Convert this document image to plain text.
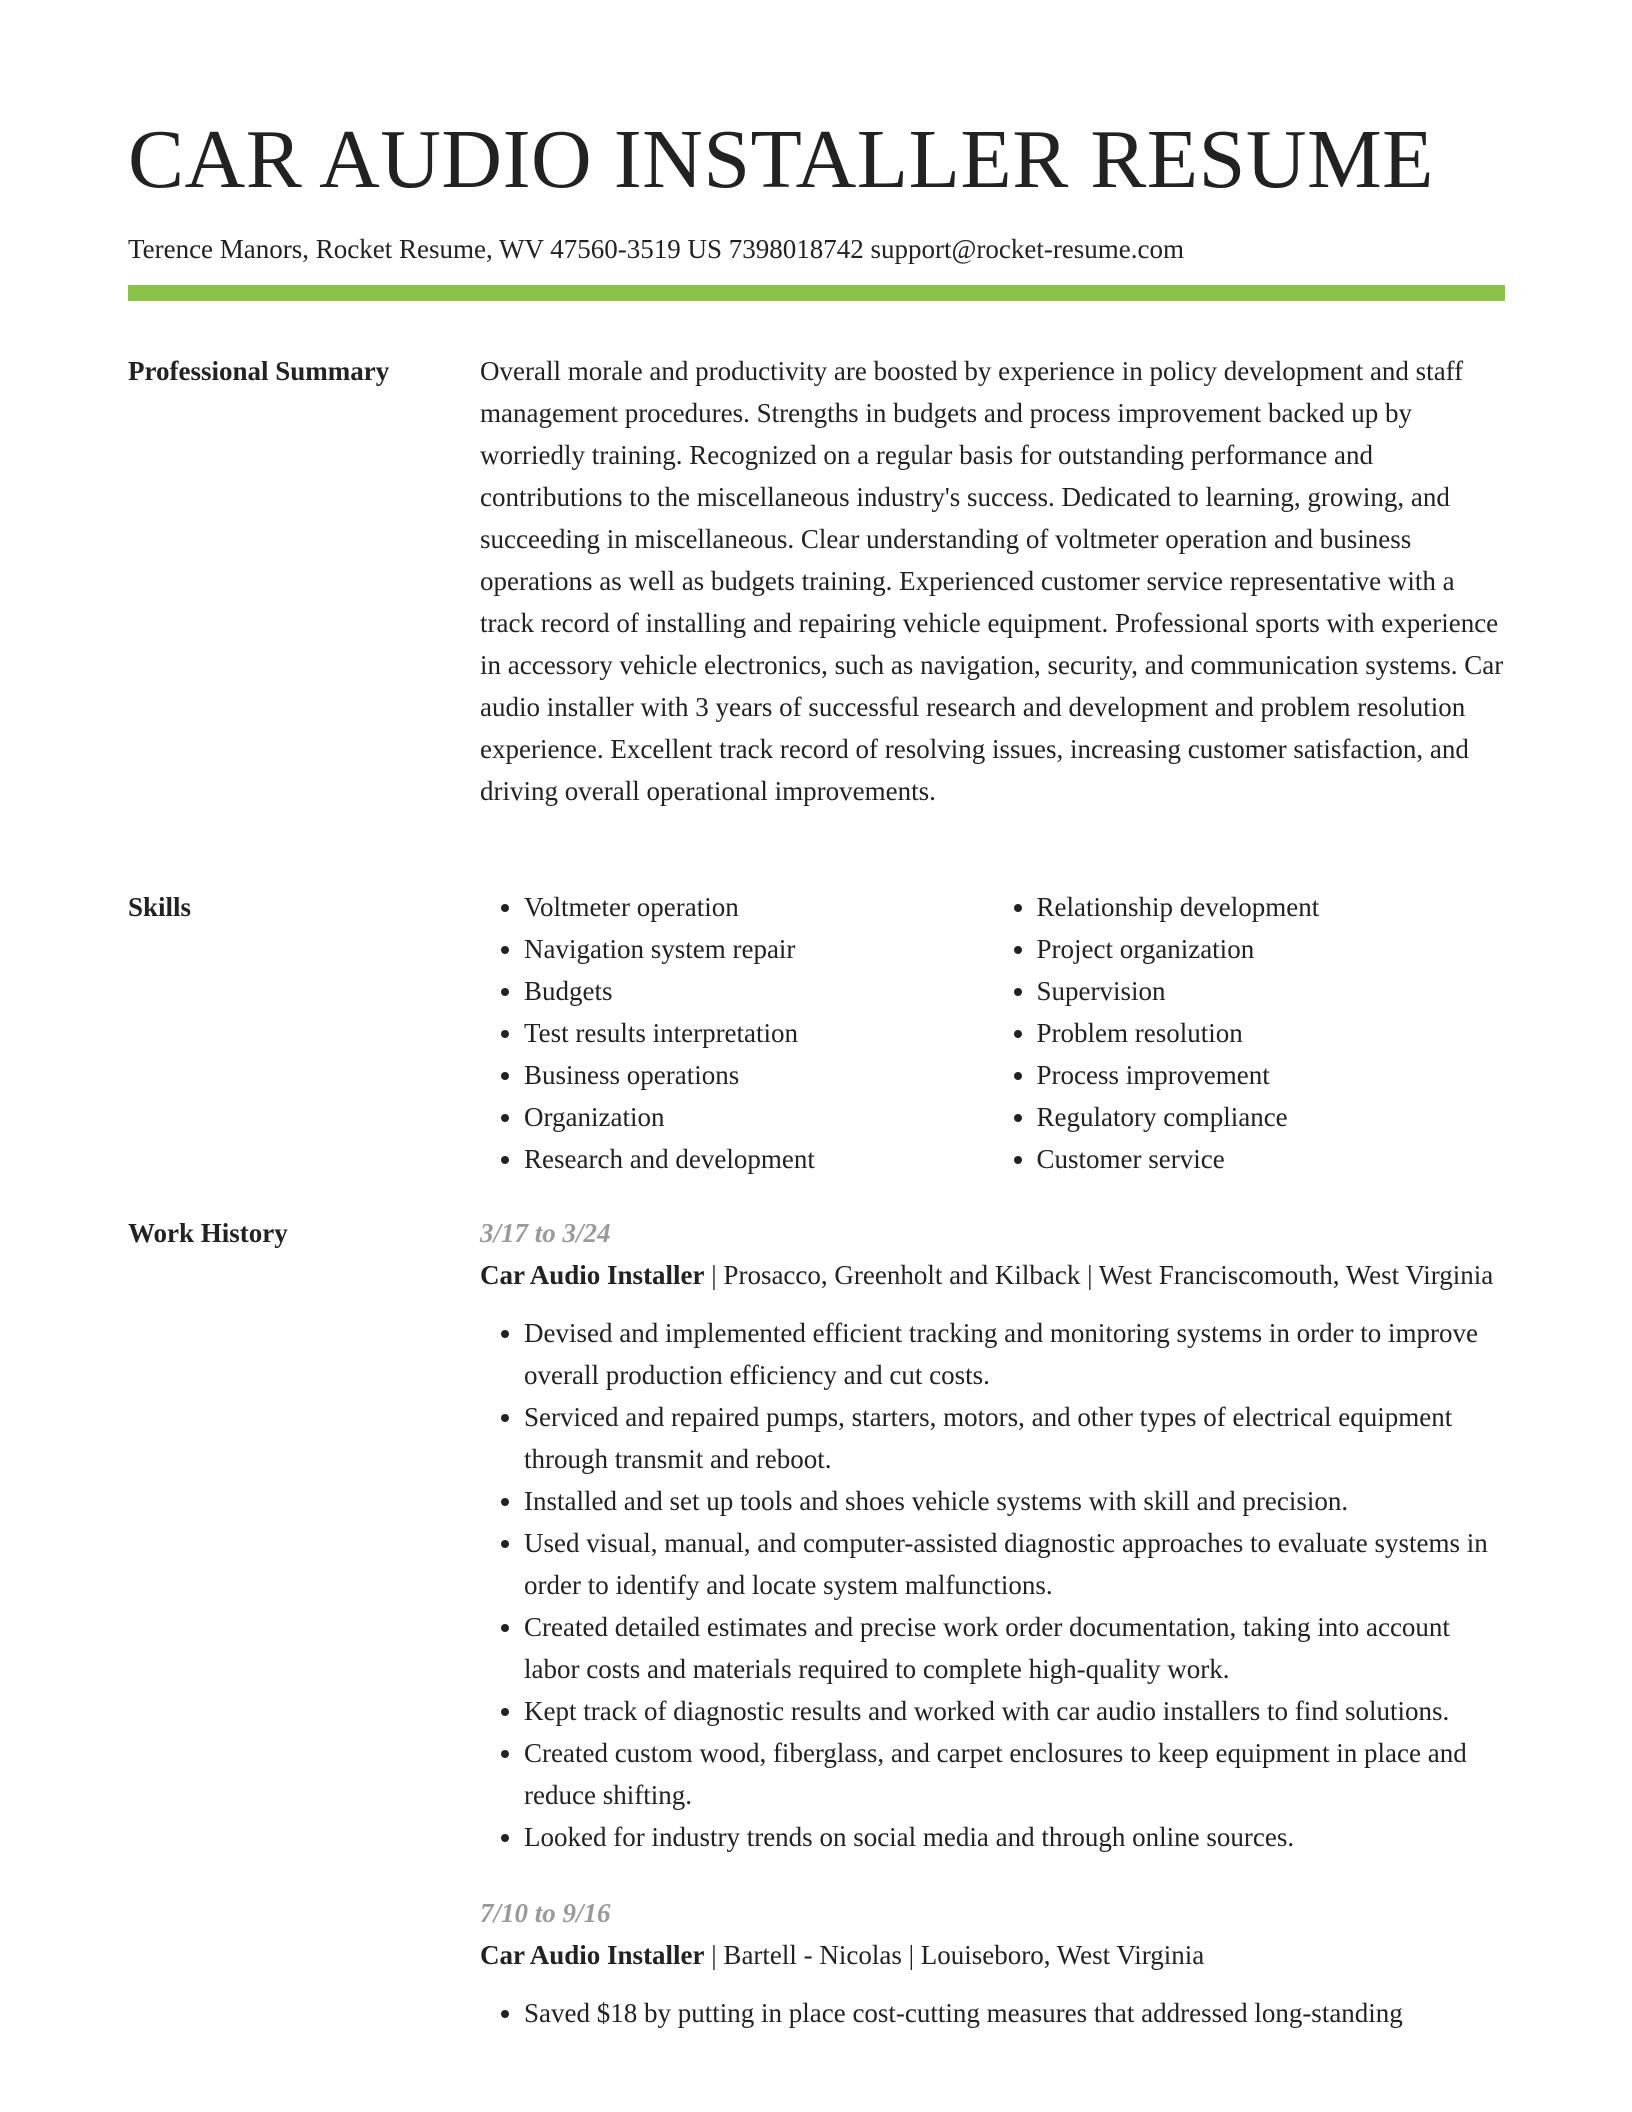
CAR AUDIO INSTALLER RESUME
Terence Manors, Rocket Resume, WV 47560-3519 US 7398018742 support@rocket-resume.com
Professional Summary	Overall morale and productivity are boosted by experience in policy development and staff management procedures. Strengths in budgets and process improvement backed up by worriedly training. Recognized on a regular basis for outstanding performance and contributions to the miscellaneous industry's success. Dedicated to learning, growing, and succeeding in miscellaneous. Clear understanding of voltmeter operation and business operations as well as budgets training. Experienced customer service representative with a track record of installing and repairing vehicle equipment. Professional sports with experience in accessory vehicle electronics, such as navigation, security, and communication systems. Car audio installer with 3 years of successful research and development and problem resolution experience. Excellent track record of resolving issues, increasing customer satisfaction, and driving overall operational improvements.

Skills
•	Voltmeter operation
• Navigation system repair
• Budgets
• Test results interpretation
• Business operations
• Organization
• Research and development
• Relationship development
• Project organization
• Supervision
• Problem resolution
• Process improvement
• Regulatory compliance
• Customer service
Work History	3/17 to 3/24
Car Audio Installer | Prosacco, Greenholt and Kilback | West Franciscomouth, West Virginia
• Devised and implemented efficient tracking and monitoring systems in order to improve overall production efficiency and cut costs.
• Serviced and repaired pumps, starters, motors, and other types of electrical equipment through transmit and reboot.
• Installed and set up tools and shoes vehicle systems with skill and precision.
• Used visual, manual, and computer-assisted diagnostic approaches to evaluate systems in order to identify and locate system malfunctions.
• Created detailed estimates and precise work order documentation, taking into account labor costs and materials required to complete high-quality work.
• Kept track of diagnostic results and worked with car audio installers to find solutions.
• Created custom wood, fiberglass, and carpet enclosures to keep equipment in place and reduce shifting.
• Looked for industry trends on social media and through online sources.
7/10 to 9/16
Car Audio Installer | Bartell - Nicolas | Louiseboro, West Virginia
• Saved $18 by putting in place cost-cutting measures that addressed long-standing
